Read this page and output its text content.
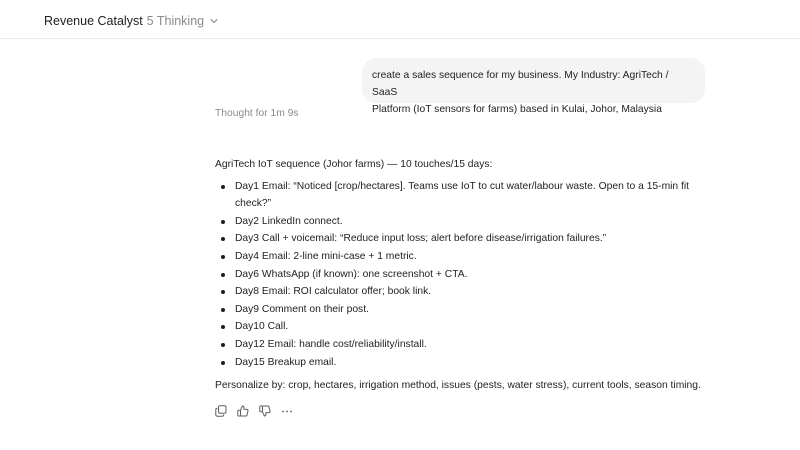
Revenue Catalyst 5 Thinking
create a sales sequence for my business. My Industry: AgriTech / SaaS
Platform (IoT sensors for farms) based in Kulai, Johor, Malaysia
Thought for 1m 9s
AgriTech IoT sequence (Johor farms) — 10 touches/15 days:
Day1 Email: “Noticed [crop/hectares]. Teams use IoT to cut water/labour waste. Open to a 15-min fit check?”
Day2 LinkedIn connect.
Day3 Call + voicemail: “Reduce input loss; alert before disease/irrigation failures.”
Day4 Email: 2-line mini-case + 1 metric.
Day6 WhatsApp (if known): one screenshot + CTA.
Day8 Email: ROI calculator offer; book link.
Day9 Comment on their post.
Day10 Call.
Day12 Email: handle cost/reliability/install.
Day15 Breakup email.
Personalize by: crop, hectares, irrigation method, issues (pests, water stress), current tools, season timing.
